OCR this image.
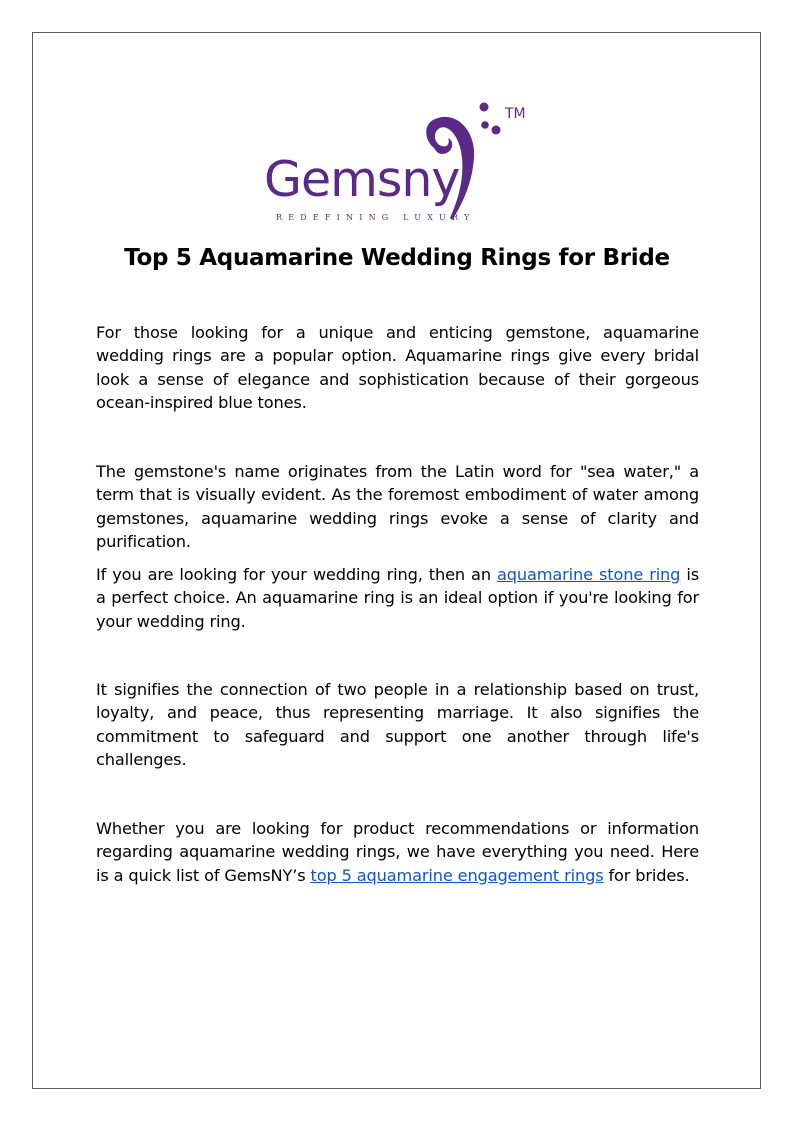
Gemsny
TM
REDEFINING LUXURY
Top 5 Aquamarine Wedding Rings for Bride

For those looking for a unique and enticing gemstone, aquamarine wedding rings are a popular option. Aquamarine rings give every bridal look a sense of elegance and sophistication because of their gorgeous ocean-inspired blue tones.

The gemstone's name originates from the Latin word for "sea water," a term that is visually evident. As the foremost embodiment of water among gemstones, aquamarine wedding rings evoke a sense of clarity and purification.

If you are looking for your wedding ring, then an aquamarine stone ring is a perfect choice. An aquamarine ring is an ideal option if you're looking for your wedding ring.

It signifies the connection of two people in a relationship based on trust, loyalty, and peace, thus representing marriage. It also signifies the commitment to safeguard and support one another through life's challenges.

Whether you are looking for product recommendations or information regarding aquamarine wedding rings, we have everything you need. Here is a quick list of GemsNY’s top 5 aquamarine engagement rings for brides.
